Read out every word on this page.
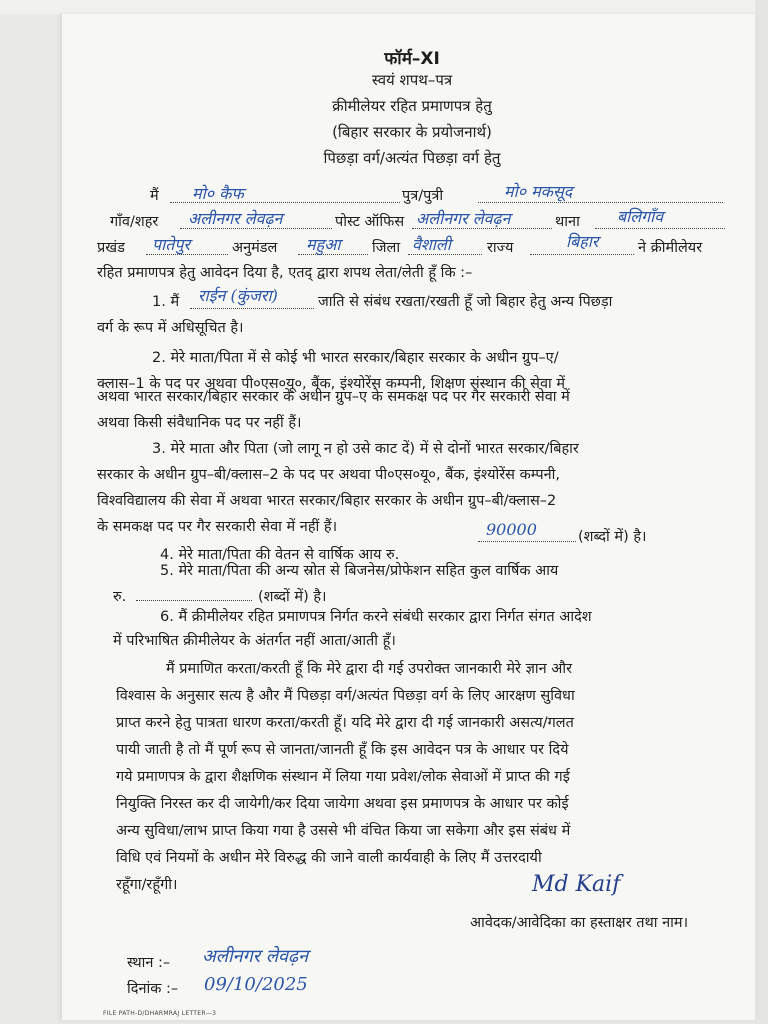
फॉर्म–XI
स्वयं शपथ–पत्र
क्रीमीलेयर रहित प्रमाणपत्र हेतु
(बिहार सरकार के प्रयोजनार्थ)
पिछड़ा वर्ग/अत्यंत पिछड़ा वर्ग हेतु
मैं	मो० कैफ	पुत्र/पुत्री	मो० मकसूद
गाँव/शहर	अलीनगर लेवढ़न	पोस्ट ऑफिस अलीनगर लेवढ़न	थाना	बलिगाँव
प्रखंड	पातेपुर	अनुमंडल	महुआ	जिला वैशाली	राज्य	बिहार	ने क्रीमीलेयर
रहित प्रमाणपत्र हेतु आवेदन दिया है, एतद् द्वारा शपथ लेता/लेती हूँ कि :–
1. मैं	राईन (कुंजरा)	जाति से संबंध रखता/रखती हूँ जो बिहार हेतु अन्य पिछड़ा
वर्ग के रूप में अधिसूचित है।
2. मेरे माता/पिता में से कोई भी भारत सरकार/बिहार सरकार के अधीन ग्रुप–ए/
क्लास–1 के पद पर अथवा पी०एस०यू०, बैंक, इंश्योरेंस कम्पनी, शिक्षण संस्थान की सेवा में
अथवा भारत सरकार/बिहार सरकार के अधीन ग्रुप–ए के समकक्ष पद पर गैर सरकारी सेवा में
अथवा किसी संवैधानिक पद पर नहीं हैं।
3. मेरे माता और पिता (जो लागू न हो उसे काट दें) में से दोनों भारत सरकार/बिहार
सरकार के अधीन ग्रुप–बी/क्लास–2 के पद पर अथवा पी०एस०यू०, बैंक, इंश्योरेंस कम्पनी,
विश्वविद्यालय की सेवा में अथवा भारत सरकार/बिहार सरकार के अधीन ग्रुप–बी/क्लास–2
के समकक्ष पद पर गैर सरकारी सेवा में नहीं हैं।
4. मेरे माता/पिता की वेतन से वार्षिक आय रु.
90000	(शब्दों में) है।
5. मेरे माता/पिता की अन्य स्रोत से बिजनेस/प्रोफेशन सहित कुल वार्षिक आय
रु.	(शब्दों में) है।
6. मैं क्रीमीलेयर रहित प्रमाणपत्र निर्गत करने संबंधी सरकार द्वारा निर्गत संगत आदेश
में परिभाषित क्रीमीलेयर के अंतर्गत नहीं आता/आती हूँ।
मैं प्रमाणित करता/करती हूँ कि मेरे द्वारा दी गई उपरोक्त जानकारी मेरे ज्ञान और
विश्वास के अनुसार सत्य है और मैं पिछड़ा वर्ग/अत्यंत पिछड़ा वर्ग के लिए आरक्षण सुविधा
प्राप्त करने हेतु पात्रता धारण करता/करती हूँ। यदि मेरे द्वारा दी गई जानकारी असत्य/गलत
पायी जाती है तो मैं पूर्ण रूप से जानता/जानती हूँ कि इस आवेदन पत्र के आधार पर दिये
गये प्रमाणपत्र के द्वारा शैक्षणिक संस्थान में लिया गया प्रवेश/लोक सेवाओं में प्राप्त की गई
नियुक्ति निरस्त कर दी जायेगी/कर दिया जायेगा अथवा इस प्रमाणपत्र के आधार पर कोई
अन्य सुविधा/लाभ प्राप्त किया गया है उससे भी वंचित किया जा सकेगा और इस संबंध में
विधि एवं नियमों के अधीन मेरे विरुद्ध की जाने वाली कार्यवाही के लिए मैं उत्तरदायी
रहूँगा/रहूँगी।	Md Kaif
आवेदक/आवेदिका का हस्ताक्षर तथा नाम।
स्थान :– अलीनगर लेवढ़न
दिनांक :– 09/10/2025
FILE PATH-D/DHARMRAJ LETTER—3
